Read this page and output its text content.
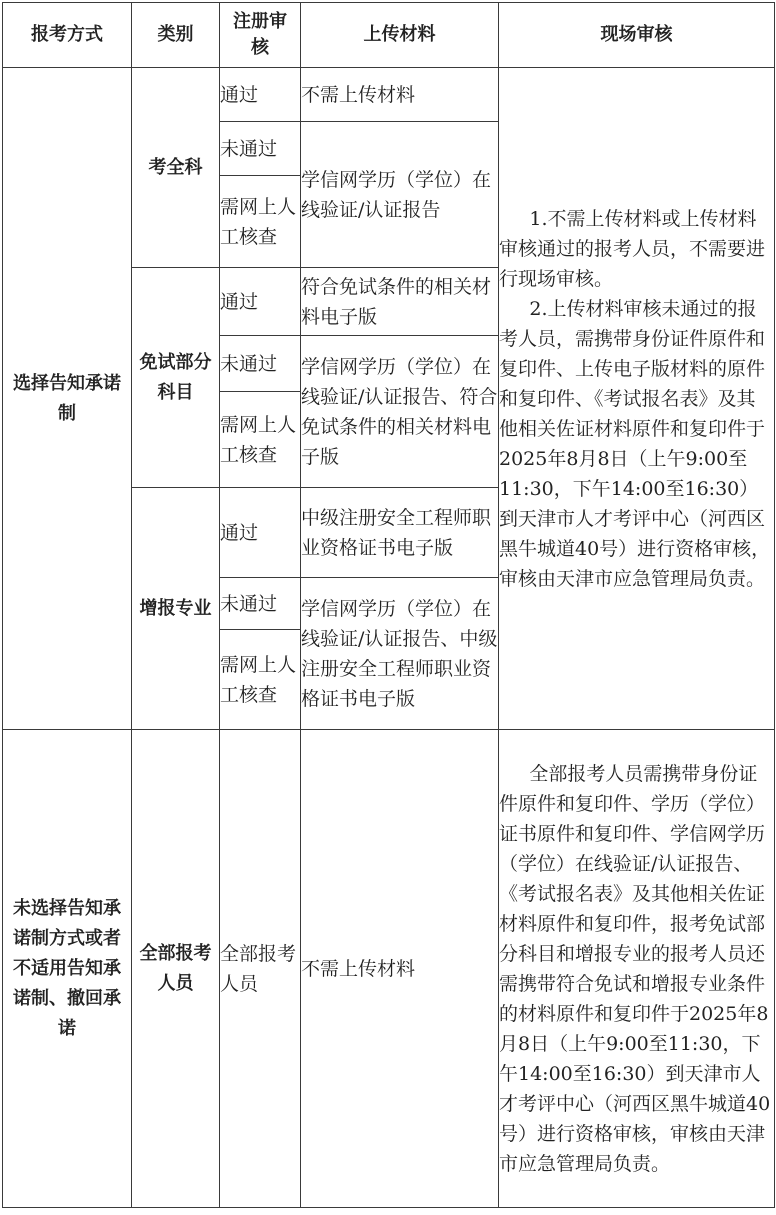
报考方式	类别	注册审核	上传材料	现场审核
选择告知承诺制	考全科	通过	不需上传材料	1.不需上传材料或上传材料审核通过的报考人员，不需要进行现场审核。

2.上传材料审核未通过的报考人员，需携带身份证件原件和复印件、上传电子版材料的原件和复印件、《考试报名表》及其他相关佐证材料原件和复印件于2025年8月8日（上午9:00至11:30，下午14:00至16:30）到天津市人才考评中心（河西区黑牛城道40号）进行资格审核，审核由天津市应急管理局负责。

		未通过	学信网学历（学位）在线验证/认证报告	
		需网上人工核查		
	免试部分科目	通过	符合免试条件的相关材料电子版	
		未通过	学信网学历（学位）在线验证/认证报告、符合免试条件的相关材料电子版	
		需网上人工核查		
	增报专业	通过	中级注册安全工程师职业资格证书电子版	
		未通过	学信网学历（学位）在线验证/认证报告、中级注册安全工程师职业资格证书电子版	
		需网上人工核查		
未选择告知承诺制方式或者不适用告知承诺制、撤回承诺	全部报考人员	全部报考人员	不需上传材料	全部报考人员需携带身份证件原件和复印件、学历（学位）证书原件和复印件、学信网学历（学位）在线验证/认证报告、《考试报名表》及其他相关佐证材料原件和复印件，报考免试部分科目和增报专业的报考人员还需携带符合免试和增报专业条件的材料原件和复印件于2025年8月8日（上午9:00至11:30，下午14:00至16:30）到天津市人才考评中心（河西区黑牛城道40号）进行资格审核，审核由天津市应急管理局负责。
